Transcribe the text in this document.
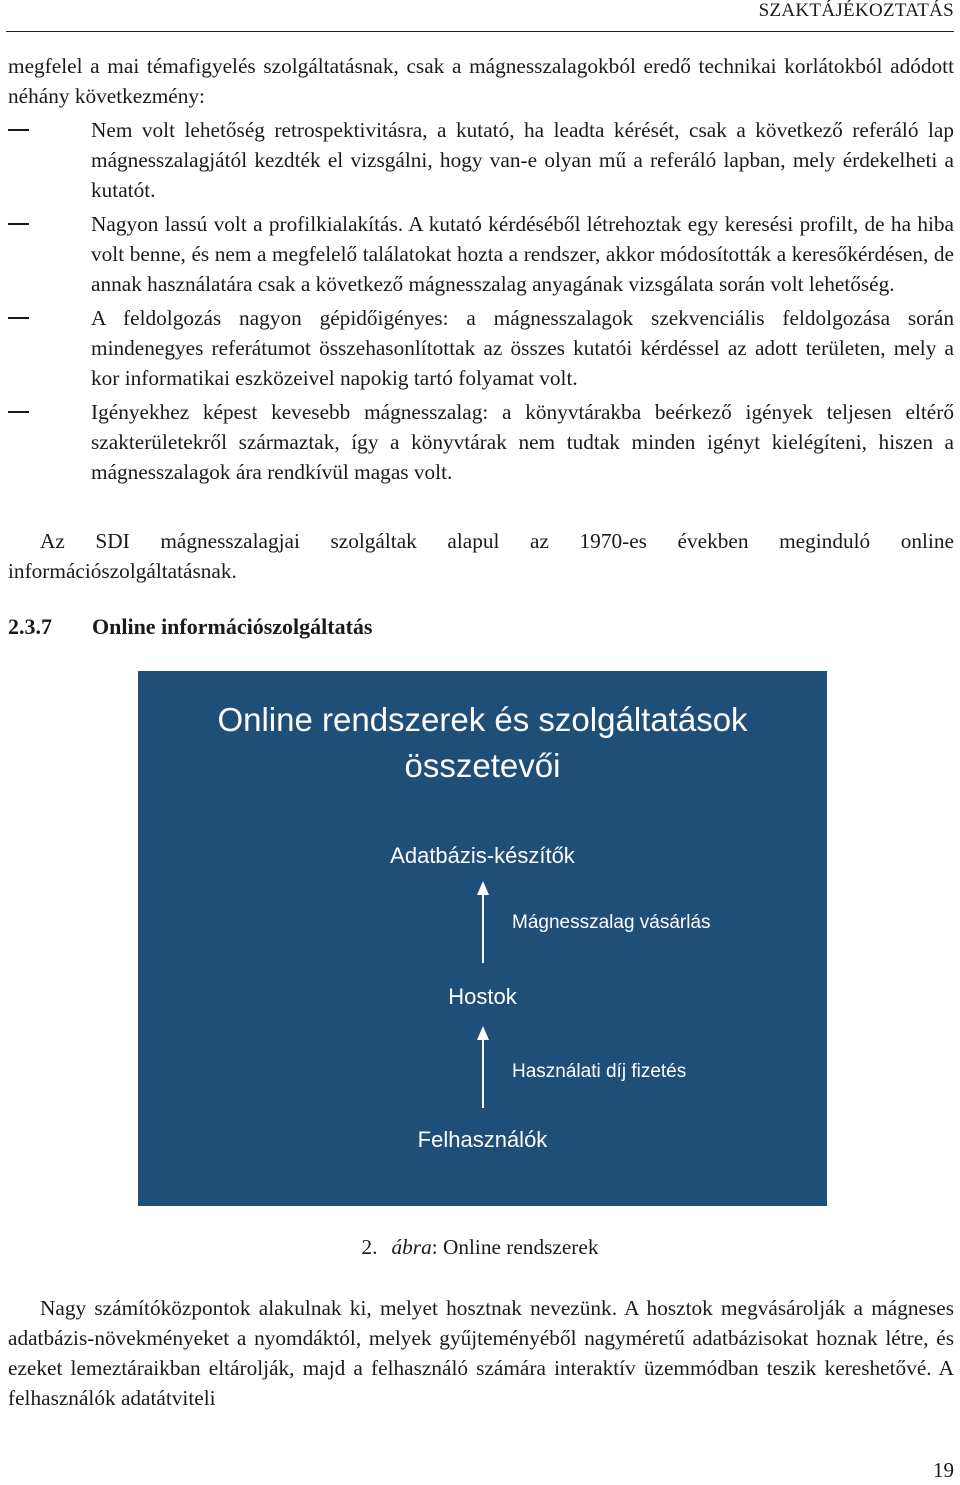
SZAKTÁJÉKOZTATÁS
megfelel a mai témafigyelés szolgáltatásnak, csak a mágnesszalagokból eredő technikai korlátokból adódott néhány következmény:
Nem volt lehetőség retrospektivitásra, a kutató, ha leadta kérését, csak a következő referáló lap mágnesszalagjától kezdték el vizsgálni, hogy van-e olyan mű a referáló lapban, mely érdekelheti a kutatót.
Nagyon lassú volt a profilkialakítás. A kutató kérdéséből létrehoztak egy keresési profilt, de ha hiba volt benne, és nem a megfelelő találatokat hozta a rendszer, akkor módosították a keresőkérdésen, de annak használatára csak a következő mágnesszalag anyagának vizsgálata során volt lehetőség.
A feldolgozás nagyon gépidőigényes: a mágnesszalagok szekvenciális feldolgozása során mindenegyes referátumot összehasonlítottak az összes kutatói kérdéssel az adott területen, mely a kor informatikai eszközeivel napokig tartó folyamat volt.
Igényekhez képest kevesebb mágnesszalag: a könyvtárakba beérkező igények teljesen eltérő szakterületekről származtak, így a könyvtárak nem tudtak minden igényt kielégíteni, hiszen a mágnesszalagok ára rendkívül magas volt.
Az SDI mágnesszalagjai szolgáltak alapul az 1970-es években meginduló online információszolgáltatásnak.
2.3.7 Online információszolgáltatás
Online rendszerek és szolgáltatások
összetevői
Adatbázis-készítők
Mágnesszalag vásárlás
Hostok
Használati díj fizetés
Felhasználók
2. ábra: Online rendszerek
Nagy számítóközpontok alakulnak ki, melyet hosztnak nevezünk. A hosztok megvásárolják a mágneses adatbázis-növekményeket a nyomdáktól, melyek gyűjteményéből nagyméretű adatbázisokat hoznak létre, és ezeket lemeztáraikban eltárolják, majd a felhasználó számára interaktív üzemmódban teszik kereshetővé. A felhasználók adatátviteli
19
